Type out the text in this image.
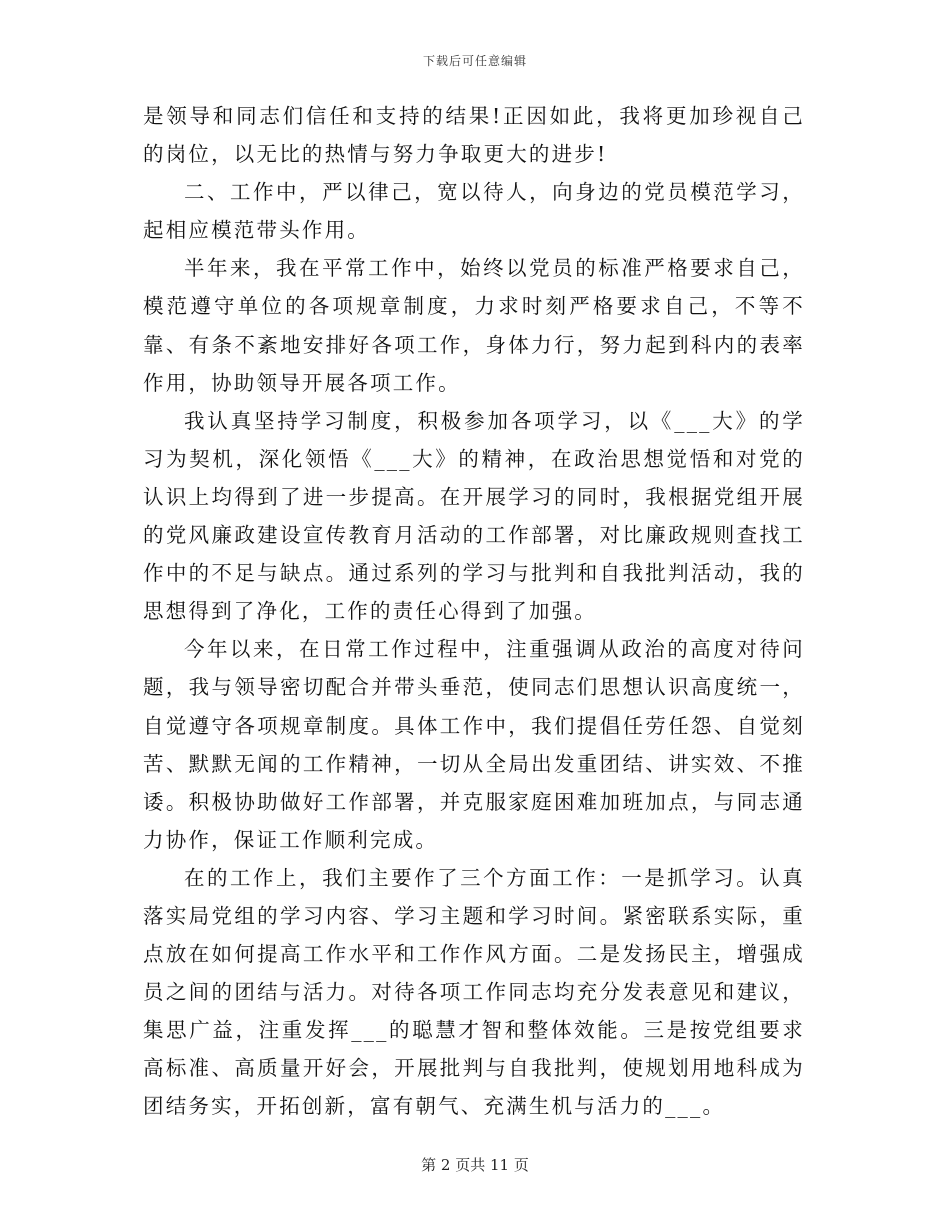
下载后可任意编辑

是领导和同志们信任和支持的结果!正因如此，我将更加珍视自己的岗位，以无比的热情与努力争取更大的进步!

二、工作中，严以律己，宽以待人，向身边的党员模范学习，起相应模范带头作用。

半年来，我在平常工作中，始终以党员的标准严格要求自己，模范遵守单位的各项规章制度，力求时刻严格要求自己，不等不靠、有条不紊地安排好各项工作，身体力行，努力起到科内的表率作用，协助领导开展各项工作。

我认真坚持学习制度，积极参加各项学习，以《___大》的学习为契机，深化领悟《___大》的精神，在政治思想觉悟和对党的认识上均得到了进一步提高。在开展学习的同时，我根据党组开展的党风廉政建设宣传教育月活动的工作部署，对比廉政规则查找工作中的不足与缺点。通过系列的学习与批判和自我批判活动，我的思想得到了净化，工作的责任心得到了加强。

今年以来，在日常工作过程中，注重强调从政治的高度对待问题，我与领导密切配合并带头垂范，使同志们思想认识高度统一，自觉遵守各项规章制度。具体工作中，我们提倡任劳任怨、自觉刻苦、默默无闻的工作精神，一切从全局出发重团结、讲实效、不推诿。积极协助做好工作部署，并克服家庭困难加班加点，与同志通力协作，保证工作顺利完成。

在的工作上，我们主要作了三个方面工作：一是抓学习。认真落实局党组的学习内容、学习主题和学习时间。紧密联系实际，重点放在如何提高工作水平和工作作风方面。二是发扬民主，增强成员之间的团结与活力。对待各项工作同志均充分发表意见和建议，集思广益，注重发挥___的聪慧才智和整体效能。三是按党组要求高标准、高质量开好会，开展批判与自我批判，使规划用地科成为团结务实，开拓创新，富有朝气、充满生机与活力的___。

第 2 页共 11 页
